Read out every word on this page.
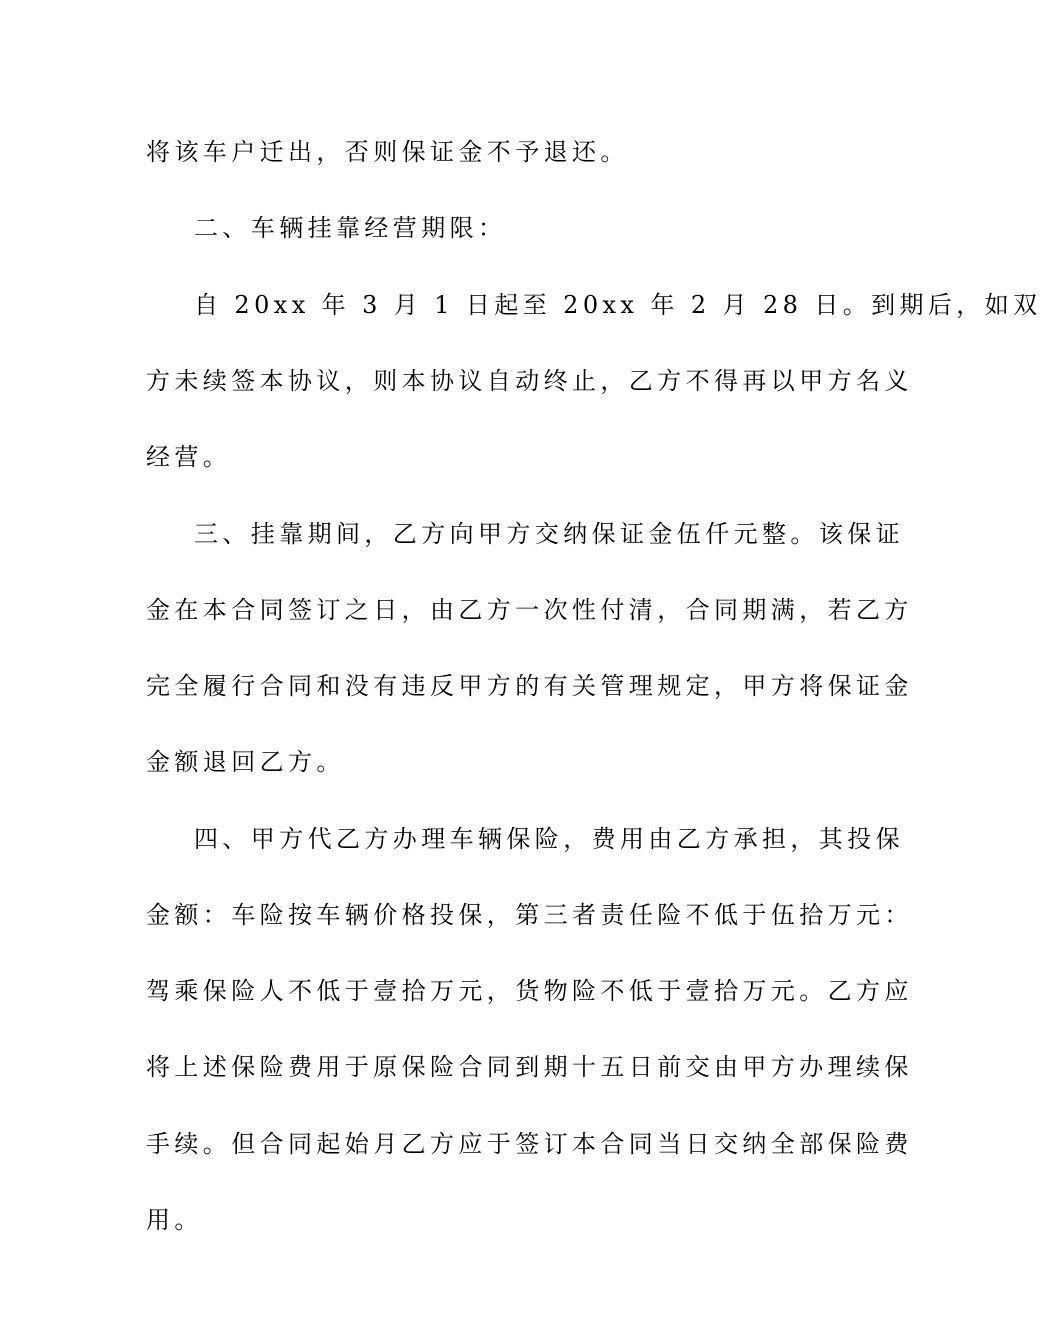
将该车户迁出，否则保证金不予退还。
二、车辆挂靠经营期限：
自 20xx 年 3 月 1 日起至 20xx 年 2 月 28 日。到期后，如双
方未续签本协议，则本协议自动终止，乙方不得再以甲方名义
经营。
三、挂靠期间，乙方向甲方交纳保证金伍仟元整。该保证
金在本合同签订之日，由乙方一次性付清，合同期满，若乙方
完全履行合同和没有违反甲方的有关管理规定，甲方将保证金
金额退回乙方。
四、甲方代乙方办理车辆保险，费用由乙方承担，其投保
金额：车险按车辆价格投保，第三者责任险不低于伍拾万元：
驾乘保险人不低于壹拾万元，货物险不低于壹拾万元。乙方应
将上述保险费用于原保险合同到期十五日前交由甲方办理续保
手续。但合同起始月乙方应于签订本合同当日交纳全部保险费
用。
